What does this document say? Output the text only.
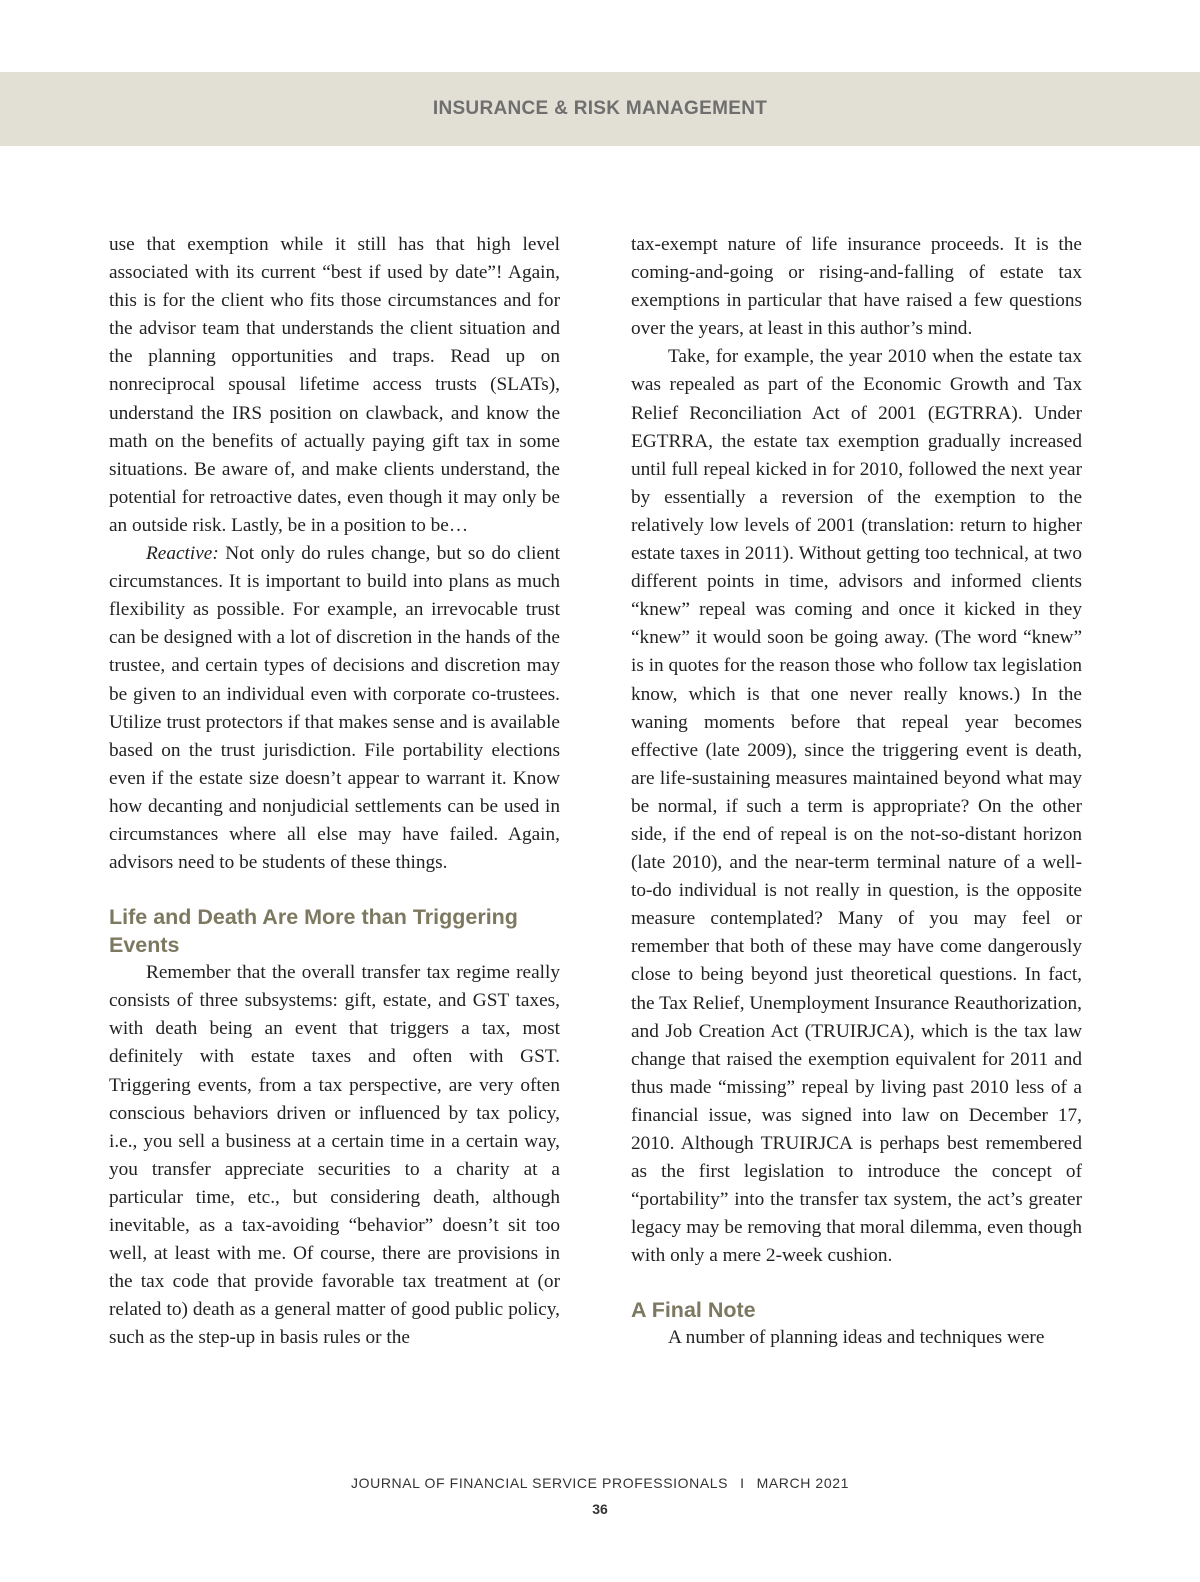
INSURANCE & RISK MANAGEMENT

use that exemption while it still has that high level associated with its current “best if used by date”! Again, this is for the client who fits those circumstances and for the advisor team that understands the client situation and the planning opportunities and traps. Read up on nonreciprocal spousal lifetime access trusts (SLATs), understand the IRS position on clawback, and know the math on the benefits of actually paying gift tax in some situations. Be aware of, and make clients understand, the potential for retroactive dates, even though it may only be an outside risk. Lastly, be in a position to be…

Reactive: Not only do rules change, but so do client circumstances. It is important to build into plans as much flexibility as possible. For example, an irrevocable trust can be designed with a lot of discretion in the hands of the trustee, and certain types of decisions and discretion may be given to an individual even with corporate co-trustees. Utilize trust protectors if that makes sense and is available based on the trust jurisdiction. File portability elections even if the estate size doesn’t appear to warrant it. Know how decanting and nonjudicial settlements can be used in circumstances where all else may have failed. Again, advisors need to be students of these things.

Life and Death Are More than Triggering Events

Remember that the overall transfer tax regime really consists of three subsystems: gift, estate, and GST taxes, with death being an event that triggers a tax, most definitely with estate taxes and often with GST. Triggering events, from a tax perspective, are very often conscious behaviors driven or influenced by tax policy, i.e., you sell a business at a certain time in a certain way, you transfer appreciate securities to a charity at a particular time, etc., but considering death, although inevitable, as a tax-avoiding “behavior” doesn’t sit too well, at least with me. Of course, there are provisions in the tax code that provide favorable tax treatment at (or related to) death as a general matter of good public policy, such as the step-up in basis rules or the

tax-exempt nature of life insurance proceeds. It is the coming-and-going or rising-and-falling of estate tax exemptions in particular that have raised a few questions over the years, at least in this author’s mind.

Take, for example, the year 2010 when the estate tax was repealed as part of the Economic Growth and Tax Relief Reconciliation Act of 2001 (EGTRRA). Under EGTRRA, the estate tax exemption gradually increased until full repeal kicked in for 2010, followed the next year by essentially a reversion of the exemption to the relatively low levels of 2001 (translation: return to higher estate taxes in 2011). Without getting too technical, at two different points in time, advisors and informed clients “knew” repeal was coming and once it kicked in they “knew” it would soon be going away. (The word “knew” is in quotes for the reason those who follow tax legislation know, which is that one never really knows.) In the waning moments before that repeal year becomes effective (late 2009), since the triggering event is death, are life-sustaining measures maintained beyond what may be normal, if such a term is appropriate? On the other side, if the end of repeal is on the not-so-distant horizon (late 2010), and the near-term terminal nature of a well-to-do individual is not really in question, is the opposite measure contemplated? Many of you may feel or remember that both of these may have come dangerously close to being beyond just theoretical questions. In fact, the Tax Relief, Unemployment Insurance Reauthorization, and Job Creation Act (TRUIRJCA), which is the tax law change that raised the exemption equivalent for 2011 and thus made “missing” repeal by living past 2010 less of a financial issue, was signed into law on December 17, 2010. Although TRUIRJCA is perhaps best remembered as the first legislation to introduce the concept of “portability” into the transfer tax system, the act’s greater legacy may be removing that moral dilemma, even though with only a mere 2-week cushion.

A Final Note

A number of planning ideas and techniques were

JOURNAL OF FINANCIAL SERVICE PROFESSIONALS I MARCH 2021
36
